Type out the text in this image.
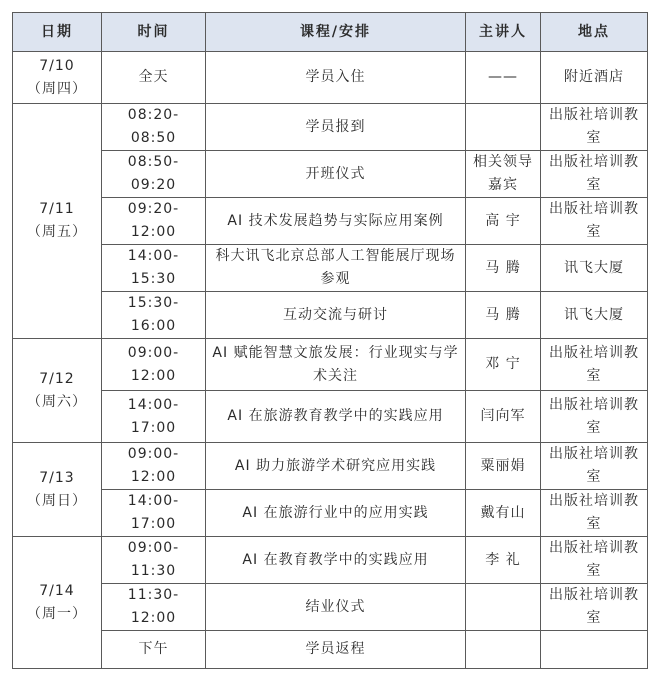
日期	时间	课程/安排	主讲人	地点

7/10
（周四）	全天	学员入住	——	附近酒店

7/11
（周五）	08:20-08:50	学员报到		出版社培训教室
	08:50-09:20	开班仪式	相关领导嘉宾	出版社培训教室
	09:20-12:00	AI 技术发展趋势与实际应用案例	高 宇	出版社培训教室
	14:00-15:30	科大讯飞北京总部人工智能展厅现场参观	马 腾	讯飞大厦
	15:30-16:00	互动交流与研讨	马 腾	讯飞大厦

7/12
（周六）	09:00-12:00	AI 赋能智慧文旅发展：行业现实与学术关注	邓 宁	出版社培训教室
	14:00-17:00	AI 在旅游教育教学中的实践应用	闫向军	出版社培训教室

7/13
（周日）	09:00-12:00	AI 助力旅游学术研究应用实践	粟丽娟	出版社培训教室
	14:00-17:00	AI 在旅游行业中的应用实践	戴有山	出版社培训教室

7/14
（周一）	09:00-11:30	AI 在教育教学中的实践应用	李 礼	出版社培训教室
	11:30-12:00	结业仪式		出版社培训教室
	下午	学员返程		
